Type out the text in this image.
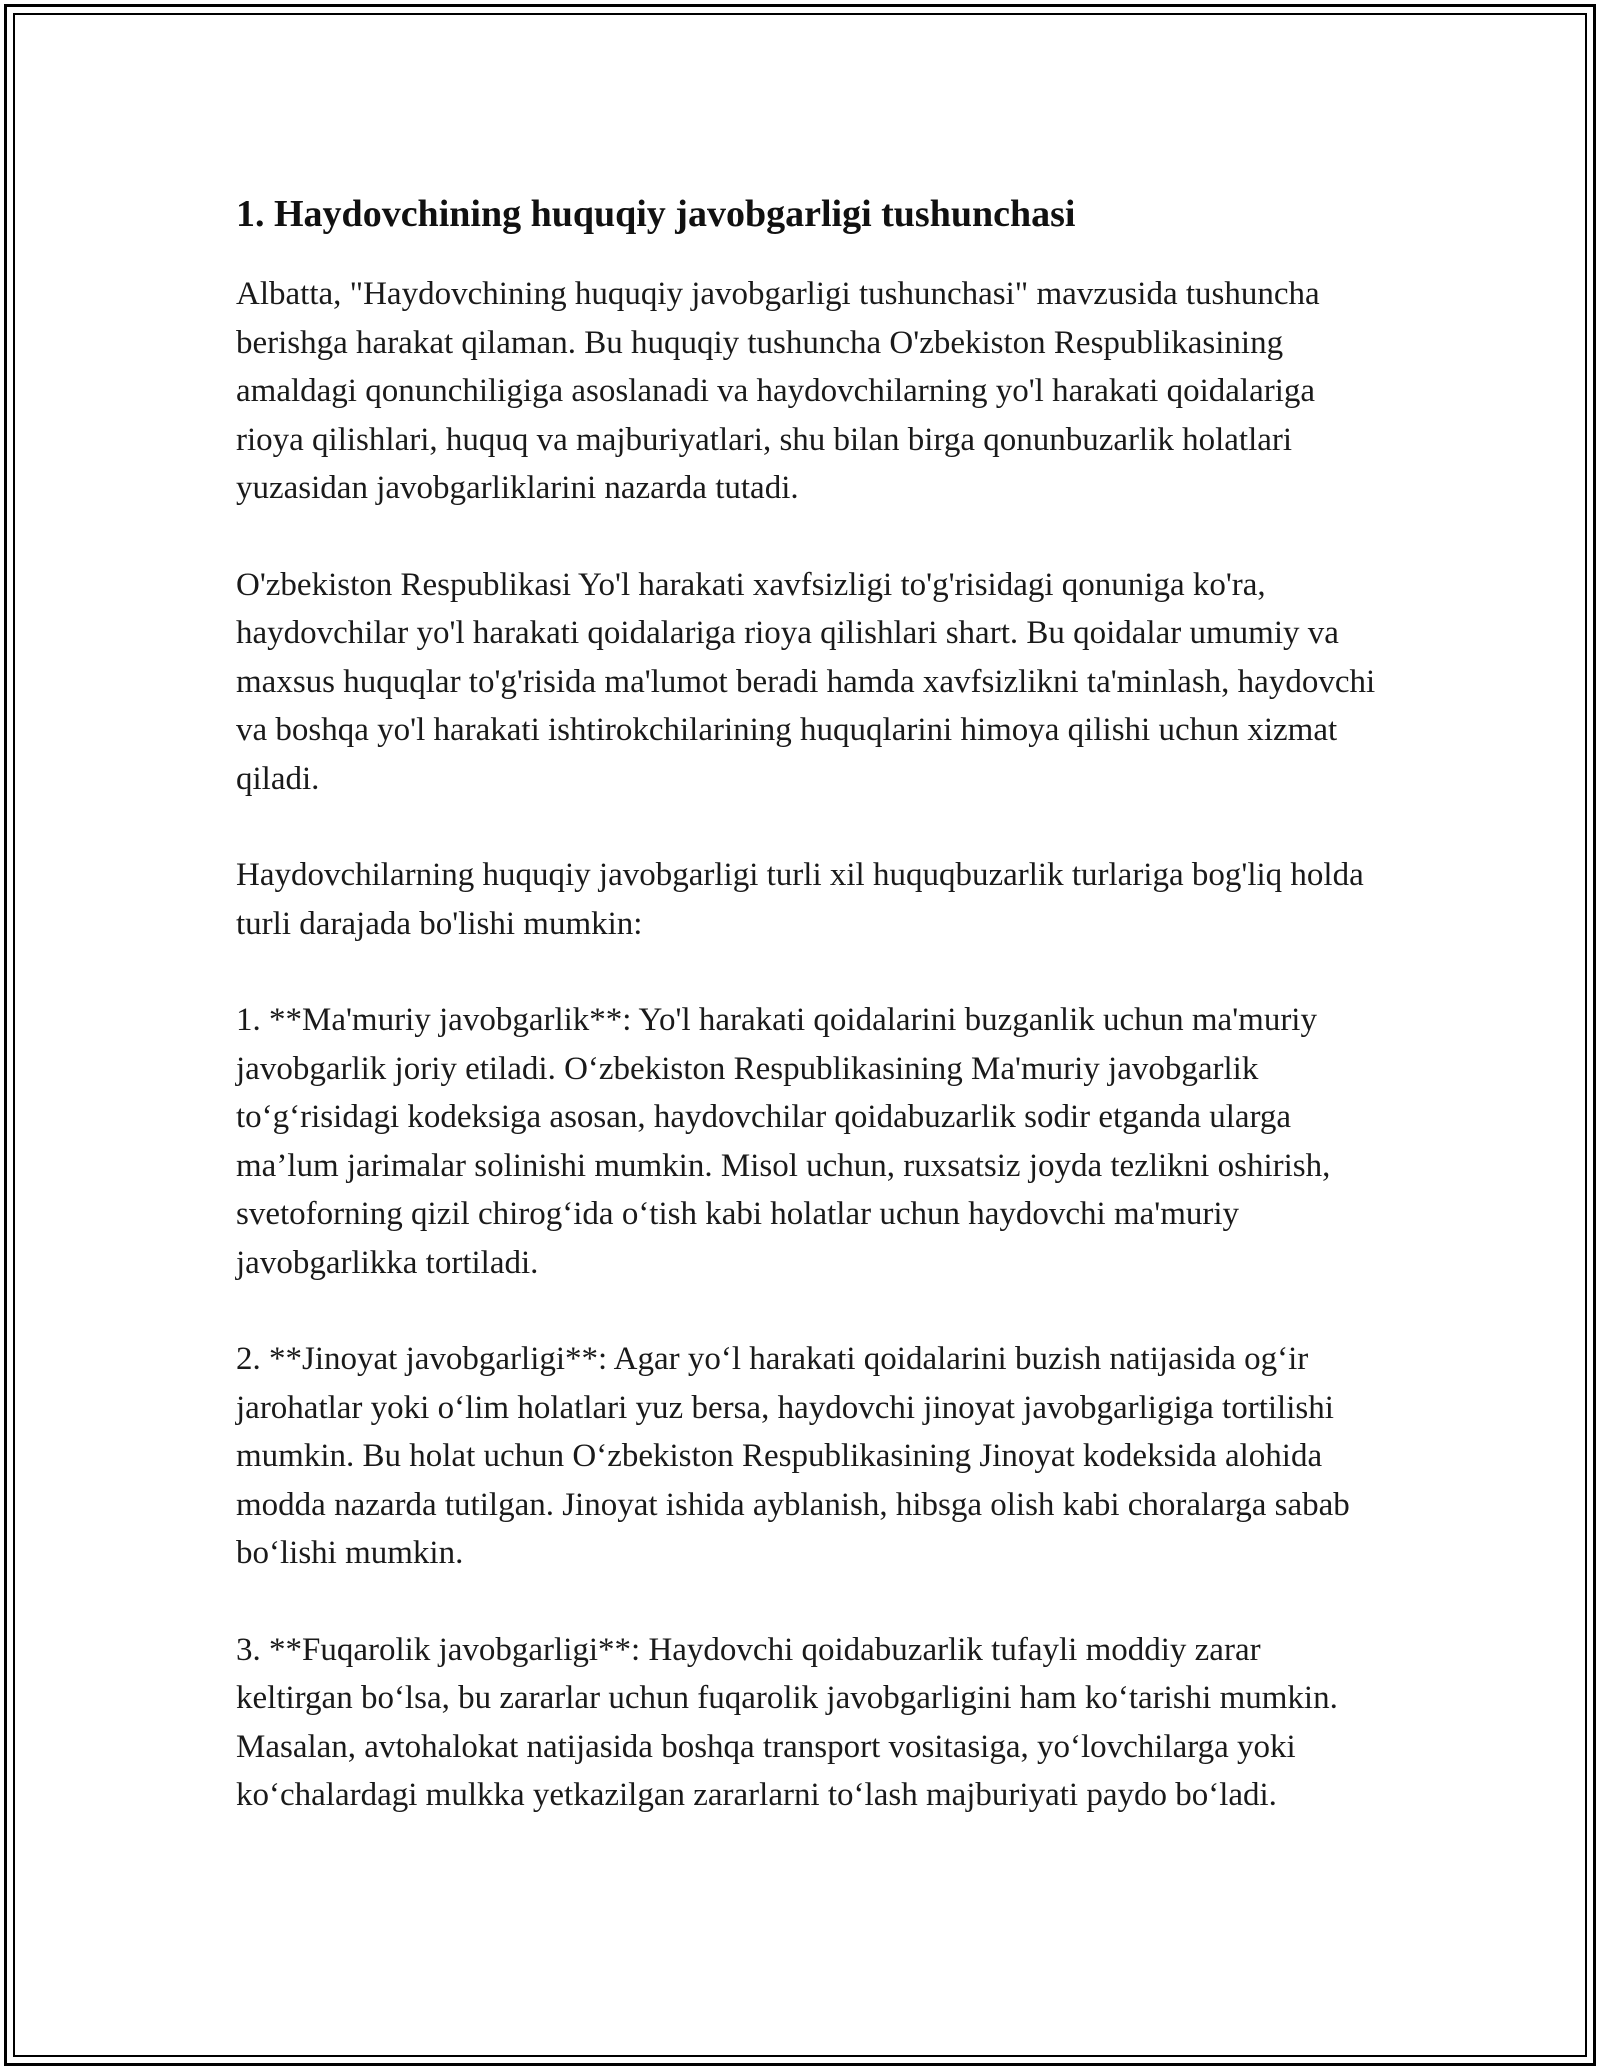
1. Haydovchining huquqiy javobgarligi tushunchasi

Albatta, "Haydovchining huquqiy javobgarligi tushunchasi" mavzusida tushuncha berishga harakat qilaman. Bu huquqiy tushuncha O'zbekiston Respublikasining amaldagi qonunchiligiga asoslanadi va haydovchilarning yo'l harakati qoidalariga rioya qilishlari, huquq va majburiyatlari, shu bilan birga qonunbuzarlik holatlari yuzasidan javobgarliklarini nazarda tutadi.

O'zbekiston Respublikasi Yo'l harakati xavfsizligi to'g'risidagi qonuniga ko'ra, haydovchilar yo'l harakati qoidalariga rioya qilishlari shart. Bu qoidalar umumiy va maxsus huquqlar to'g'risida ma'lumot beradi hamda xavfsizlikni ta'minlash, haydovchi va boshqa yo'l harakati ishtirokchilarining huquqlarini himoya qilishi uchun xizmat qiladi.

Haydovchilarning huquqiy javobgarligi turli xil huquqbuzarlik turlariga bog'liq holda turli darajada bo'lishi mumkin:

1. **Ma'muriy javobgarlik**: Yo'l harakati qoidalarini buzganlik uchun ma'muriy javobgarlik joriy etiladi. O‘zbekiston Respublikasining Ma'muriy javobgarlik to‘g‘risidagi kodeksiga asosan, haydovchilar qoidabuzarlik sodir etganda ularga ma’lum jarimalar solinishi mumkin. Misol uchun, ruxsatsiz joyda tezlikni oshirish, svetoforning qizil chirog‘ida o‘tish kabi holatlar uchun haydovchi ma'muriy javobgarlikka tortiladi.

2. **Jinoyat javobgarligi**: Agar yo‘l harakati qoidalarini buzish natijasida og‘ir jarohatlar yoki o‘lim holatlari yuz bersa, haydovchi jinoyat javobgarligiga tortilishi mumkin. Bu holat uchun O‘zbekiston Respublikasining Jinoyat kodeksida alohida modda nazarda tutilgan. Jinoyat ishida ayblanish, hibsga olish kabi choralarga sabab bo‘lishi mumkin.

3. **Fuqarolik javobgarligi**: Haydovchi qoidabuzarlik tufayli moddiy zarar keltirgan bo‘lsa, bu zararlar uchun fuqarolik javobgarligini ham ko‘tarishi mumkin. Masalan, avtohalokat natijasida boshqa transport vositasiga, yo‘lovchilarga yoki ko‘chalardagi mulkka yetkazilgan zararlarni to‘lash majburiyati paydo bo‘ladi.
